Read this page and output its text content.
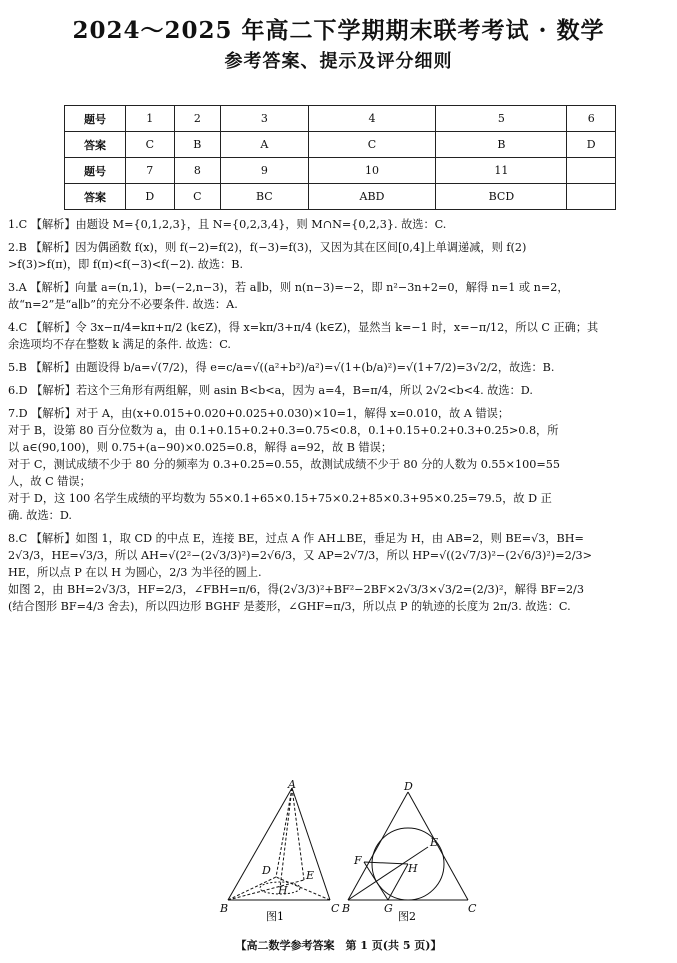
2024～2025 年高二下学期期末联考考试 · 数学
参考答案、提示及评分细则
题号	1	2	3	4	5	6
答案	C	B	A	C	B	D
题号	7	8	9	10	11	
答案	D	C	BC	ABD	BCD	

1.C 【解析】由题设 M={0,1,2,3}，且 N={0,2,3,4}，则 M∩N={0,2,3}. 故选：C.

2.B 【解析】因为偶函数 f(x)，则 f(−2)=f(2)，f(−3)=f(3)，又因为其在区间[0,4]上单调递减，则 f(2)

>f(3)>f(π)，即 f(π)<f(−3)<f(−2). 故选：B.

3.A 【解析】向量 a=(n,1)，b=(−2,n−3)，若 a∥b，则 n(n−3)=−2，即 n²−3n+2=0，解得 n=1 或 n=2，

故“n=2”是“a∥b”的充分不必要条件. 故选：A.

4.C 【解析】令 3x−π/4=kπ+π/2 (k∈Z)，得 x=kπ/3+π/4 (k∈Z)，显然当 k=−1 时，x=−π/12，所以 C 正确；其

余选项均不存在整数 k 满足的条件. 故选：C.

5.B 【解析】由题设得 b/a=√(7/2)，得 e=c/a=√((a²+b²)/a²)=√(1+(b/a)²)=√(1+7/2)=3√2/2，故选：B.

6.D 【解析】若这个三角形有两组解，则 asin B<b<a，因为 a=4，B=π/4，所以 2√2<b<4. 故选：D.

7.D 【解析】对于 A，由(x+0.015+0.020+0.025+0.030)×10=1，解得 x=0.010，故 A 错误；

对于 B，设第 80 百分位数为 a，由 0.1+0.15+0.2+0.3=0.75<0.8，0.1+0.15+0.2+0.3+0.25>0.8，所

以 a∈(90,100)，则 0.75+(a−90)×0.025=0.8，解得 a=92，故 B 错误；

对于 C，测试成绩不少于 80 分的频率为 0.3+0.25=0.55，故测试成绩不少于 80 分的人数为 0.55×100=55

人，故 C 错误；

对于 D，这 100 名学生成绩的平均数为 55×0.1+65×0.15+75×0.2+85×0.3+95×0.25=79.5，故 D 正

确. 故选：D.

8.C 【解析】如图 1，取 CD 的中点 E，连接 BE，过点 A 作 AH⊥BE，垂足为 H，由 AB=2，则 BE=√3，BH=

2√3/3，HE=√3/3，所以 AH=√(2²−(2√3/3)²)=2√6/3，又 AP=2√7/3，所以 HP=√((2√7/3)²−(2√6/3)²)=2/3>

HE，所以点 P 在以 H 为圆心，2/3 为半径的圆上.

如图 2，由 BH=2√3/3，HF=2/3，∠FBH=π/6，得(2√3/3)²+BF²−2BF×2√3/3×√3/2=(2/3)²，解得 BF=2/3

(结合图形 BF=4/3 舍去)，所以四边形 BGHF 是菱形，∠GHF=π/3，所以点 P 的轨迹的长度为 2π/3. 故选：C.

A
B	C
D	E
H
图1
D
E
F
H
B	G	C
图2
【高二数学参考答案　第 1 页(共 5 页)】
